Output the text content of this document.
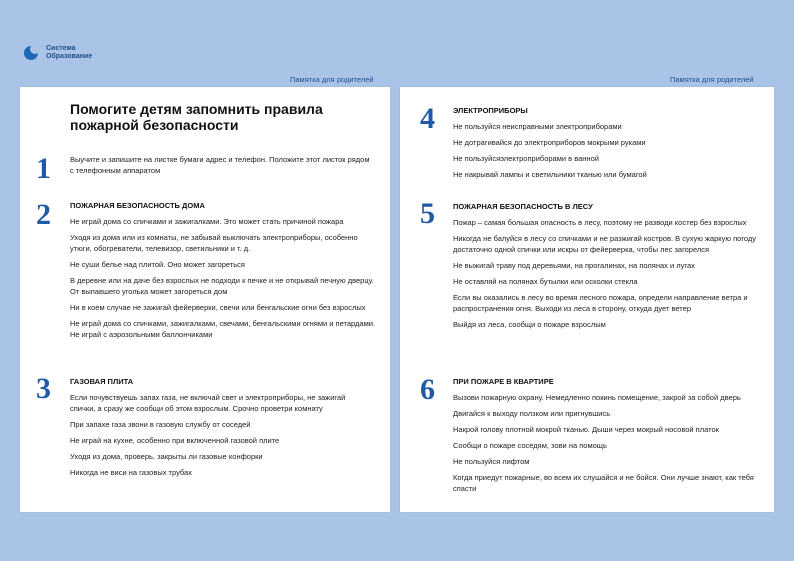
Система
Образование
Памятка для родителей	Памятка для родителей
Помогите детям запомнить правила пожарной безопасности
1	Выучите и запишите на листке бумаги адрес и телефон. Положите этот листок рядом с телефонным аппаратом
2	ПОЖАРНАЯ БЕЗОПАСНОСТЬ ДОМА
Не играй дома со спичками и зажигалками. Это может стать причиной пожара
Уходя из дома или из комнаты, не забывай выключать электроприборы, особенно утюги, обогреватели, телевизор, светильники и т. д.
Не суши белье над плитой. Оно может загореться
В деревне или на даче без взрослых не подходи к печке и не открывай печную дверцу. От выпавшего уголька может загореться дом
Ни в коем случае не зажигай фейерверки, свечи или бенгальские огни без взрослых
Не играй дома со спичками, зажигалками, свечами, бенгальскими огнями и петардами. Не играй с аэрозольными баллончиками
3	ГАЗОВАЯ ПЛИТА
Если почувствуешь запах газа, не включай свет и электроприборы, не зажигай спички, а сразу же сообщи об этом взрослым. Срочно проветри комнату
При запахе газа звони в газовую службу от соседей
Не играй на кухне, особенно при включенной газовой плите
Уходя из дома, проверь, закрыты ли газовые конфорки
Никогда не виси на газовых трубах
4 ЭЛЕКТРОПРИБОРЫ
Не пользуйся неисправными электроприборами
Не дотрагивайся до электроприборов мокрыми руками
Не пользуйсяэлектроприборами в ванной
Не накрывай лампы и светильники тканью или бумагой
5 ПОЖАРНАЯ БЕЗОПАСНОСТЬ В ЛЕСУ
Пожар – самая большая опасность в лесу, поэтому не разводи костер без взрослых
Никогда не балуйся в лесу со спичками и не разжигай костров. В сухую жаркую погоду достаточно одной спички или искры от фейерверка, чтобы лес загорелся
Не выжигай траву под деревьями, на прогалинах, на полянах и лугах
Не оставляй на полянах бутылки или осколки стекла
Если вы оказались в лесу во время лесного пожара, определи направление ветра и распространения огня. Выходи из леса в сторону, откуда дует ветер
Выйдя из леса, сообщи о пожаре взрослым
6 ПРИ ПОЖАРЕ В КВАРТИРЕ
Вызови пожарную охрану. Немедленно покинь помещение, закрой за собой дверь
Двигайся к выходу ползком или пригнувшись
Накрой голову плотной мокрой тканью. Дыши через мокрый носовой платок
Сообщи о пожаре соседям, зови на помощь
Не пользуйся лифтом
Когда приедут пожарные, во всем их слушайся и не бойся. Они лучше знают, как тебя спасти
